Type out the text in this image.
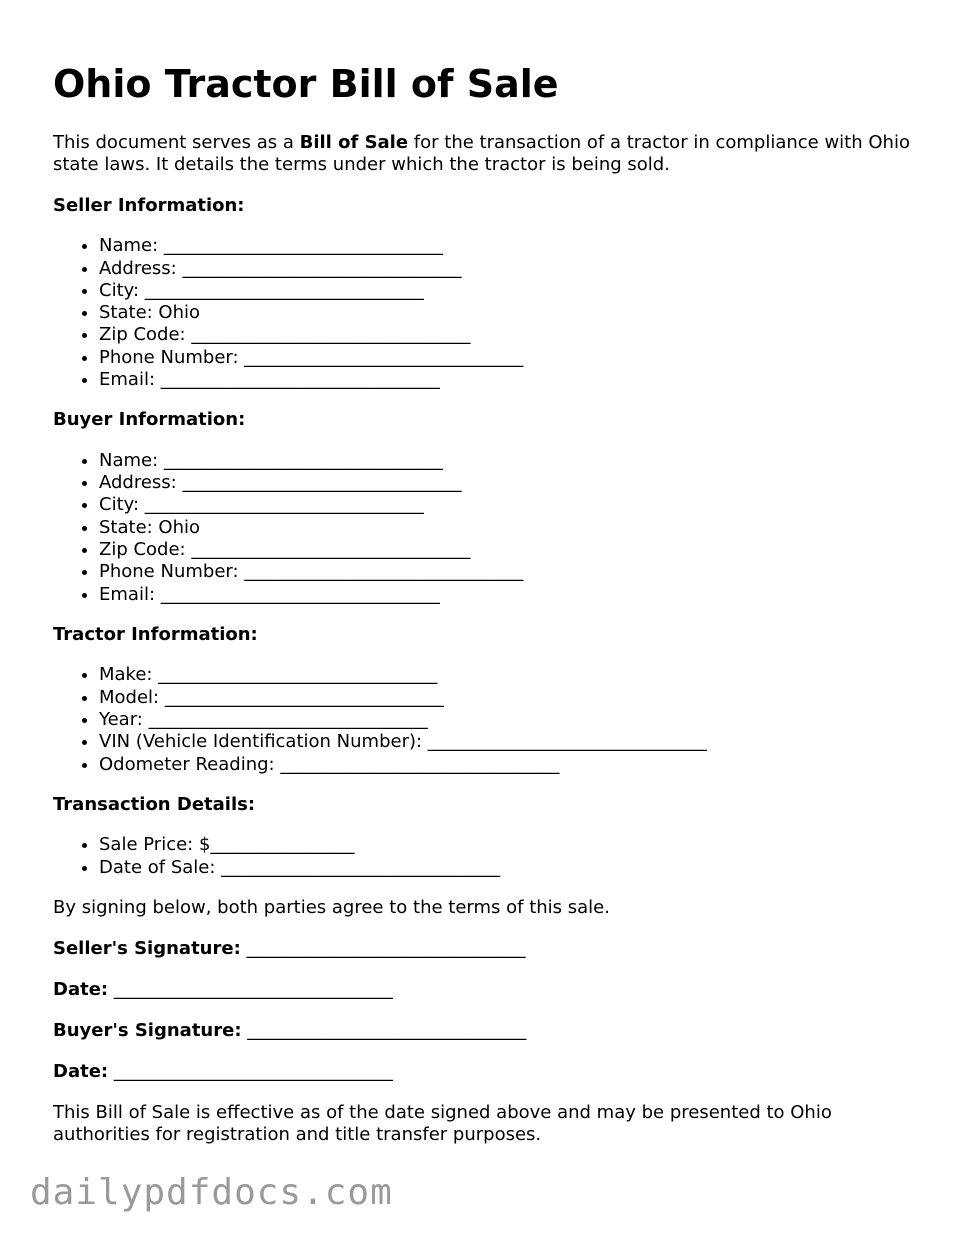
Ohio Tractor Bill of Sale

This document serves as a Bill of Sale for the transaction of a tractor in compliance with Ohio state laws. It details the terms under which the tractor is being sold.

Seller Information:
• Name: _______________________________
• Address: _______________________________
• City: _______________________________
• State: Ohio
• Zip Code: _______________________________
• Phone Number: _______________________________
• Email: _______________________________
Buyer Information:
• Name: _______________________________
• Address: _______________________________
• City: _______________________________
• State: Ohio
• Zip Code: _______________________________
• Phone Number: _______________________________
• Email: _______________________________
Tractor Information:
• Make: _______________________________
• Model: _______________________________
• Year: _______________________________
• VIN (Vehicle Identification Number): _______________________________
• Odometer Reading: _______________________________
Transaction Details:
• Sale Price: $________________
• Date of Sale: _______________________________

By signing below, both parties agree to the terms of this sale.

Seller's Signature: _______________________________
Date: _______________________________
Buyer's Signature: _______________________________
Date: _______________________________

This Bill of Sale is effective as of the date signed above and may be presented to Ohio authorities for registration and title transfer purposes.

dailypdfdocs.com
